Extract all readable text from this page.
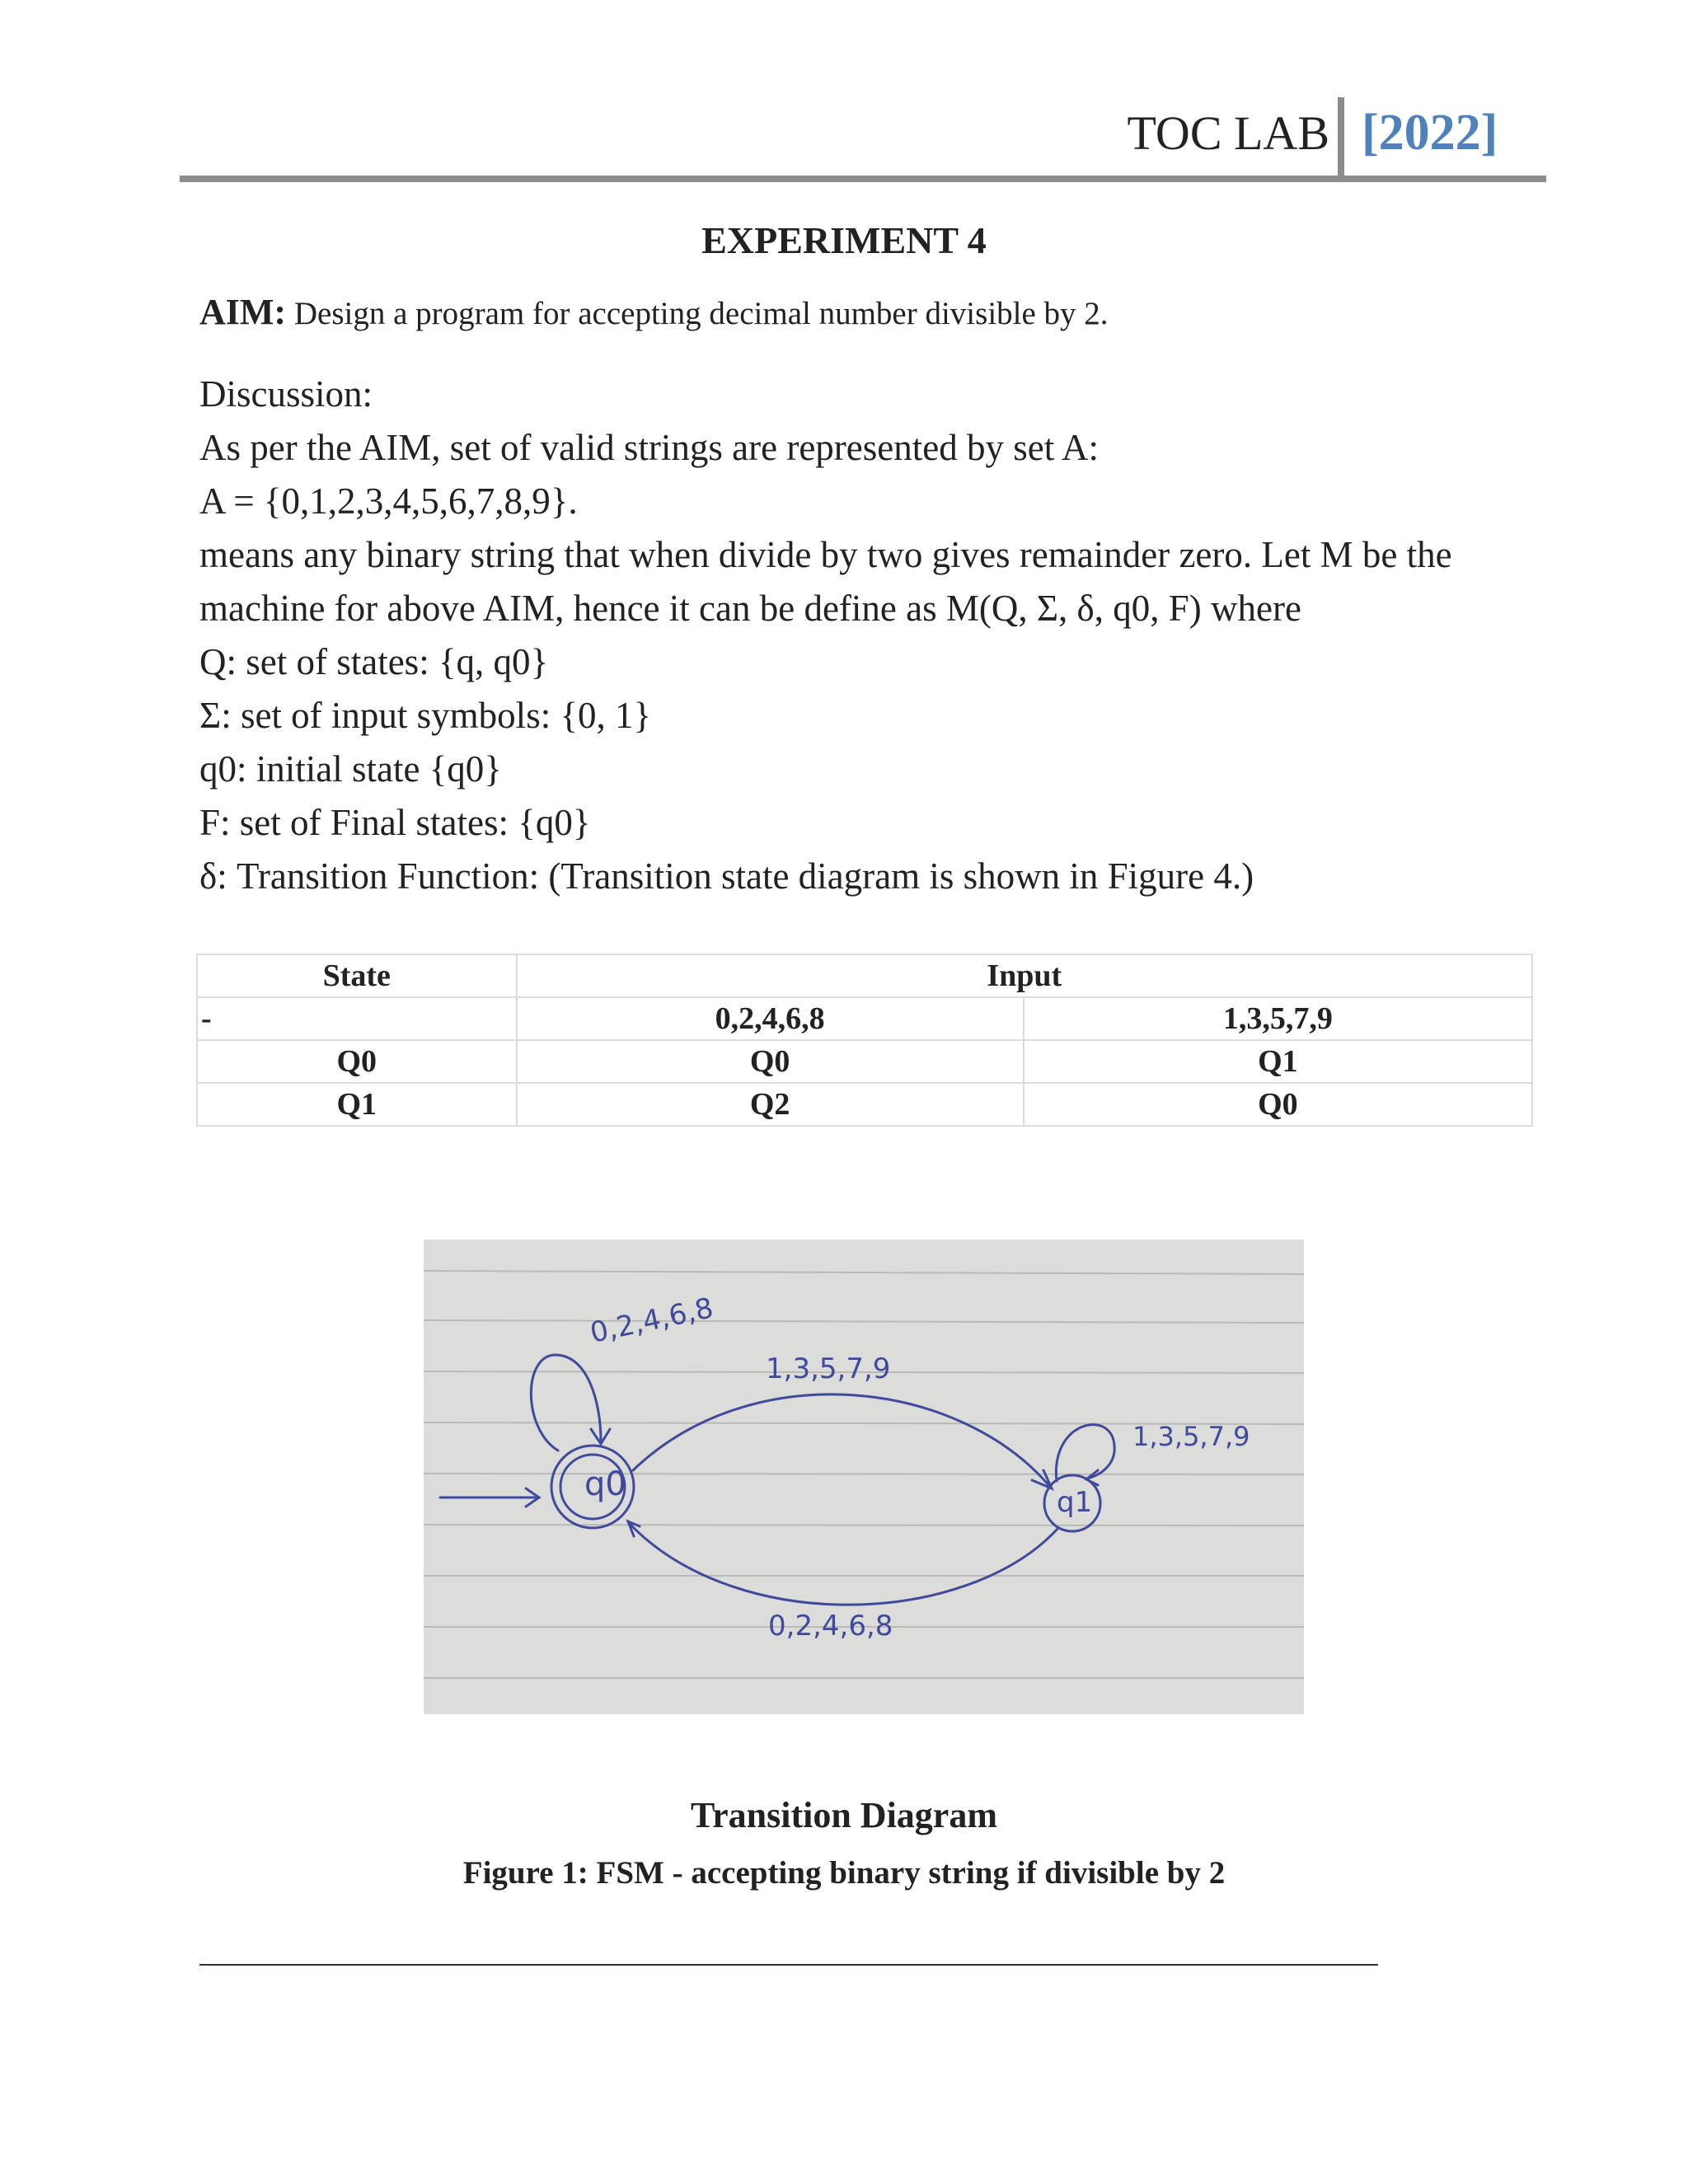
TOC LAB [2022]
EXPERIMENT 4
AIM: Design a program for accepting decimal number divisible by 2.
Discussion:
As per the AIM, set of valid strings are represented by set A:
A = {0,1,2,3,4,5,6,7,8,9}.
means any binary string that when divide by two gives remainder zero. Let M be the
machine for above AIM, hence it can be define as M(Q, Σ, δ, q0, F) where
Q: set of states: {q, q0}
Σ: set of input symbols: {0, 1}
q0: initial state {q0}
F: set of Final states: {q0}
δ: Transition Function: (Transition state diagram is shown in Figure 4.)
State	Input	
-	0,2,4,6,8	1,3,5,7,9
Q0	Q0	Q1
Q1	Q2	Q0
q0	q1
0,2,4,6,8
1,3,5,7,9
1,3,5,7,9
0,2,4,6,8
Transition Diagram
Figure 1: FSM - accepting binary string if divisible by 2
